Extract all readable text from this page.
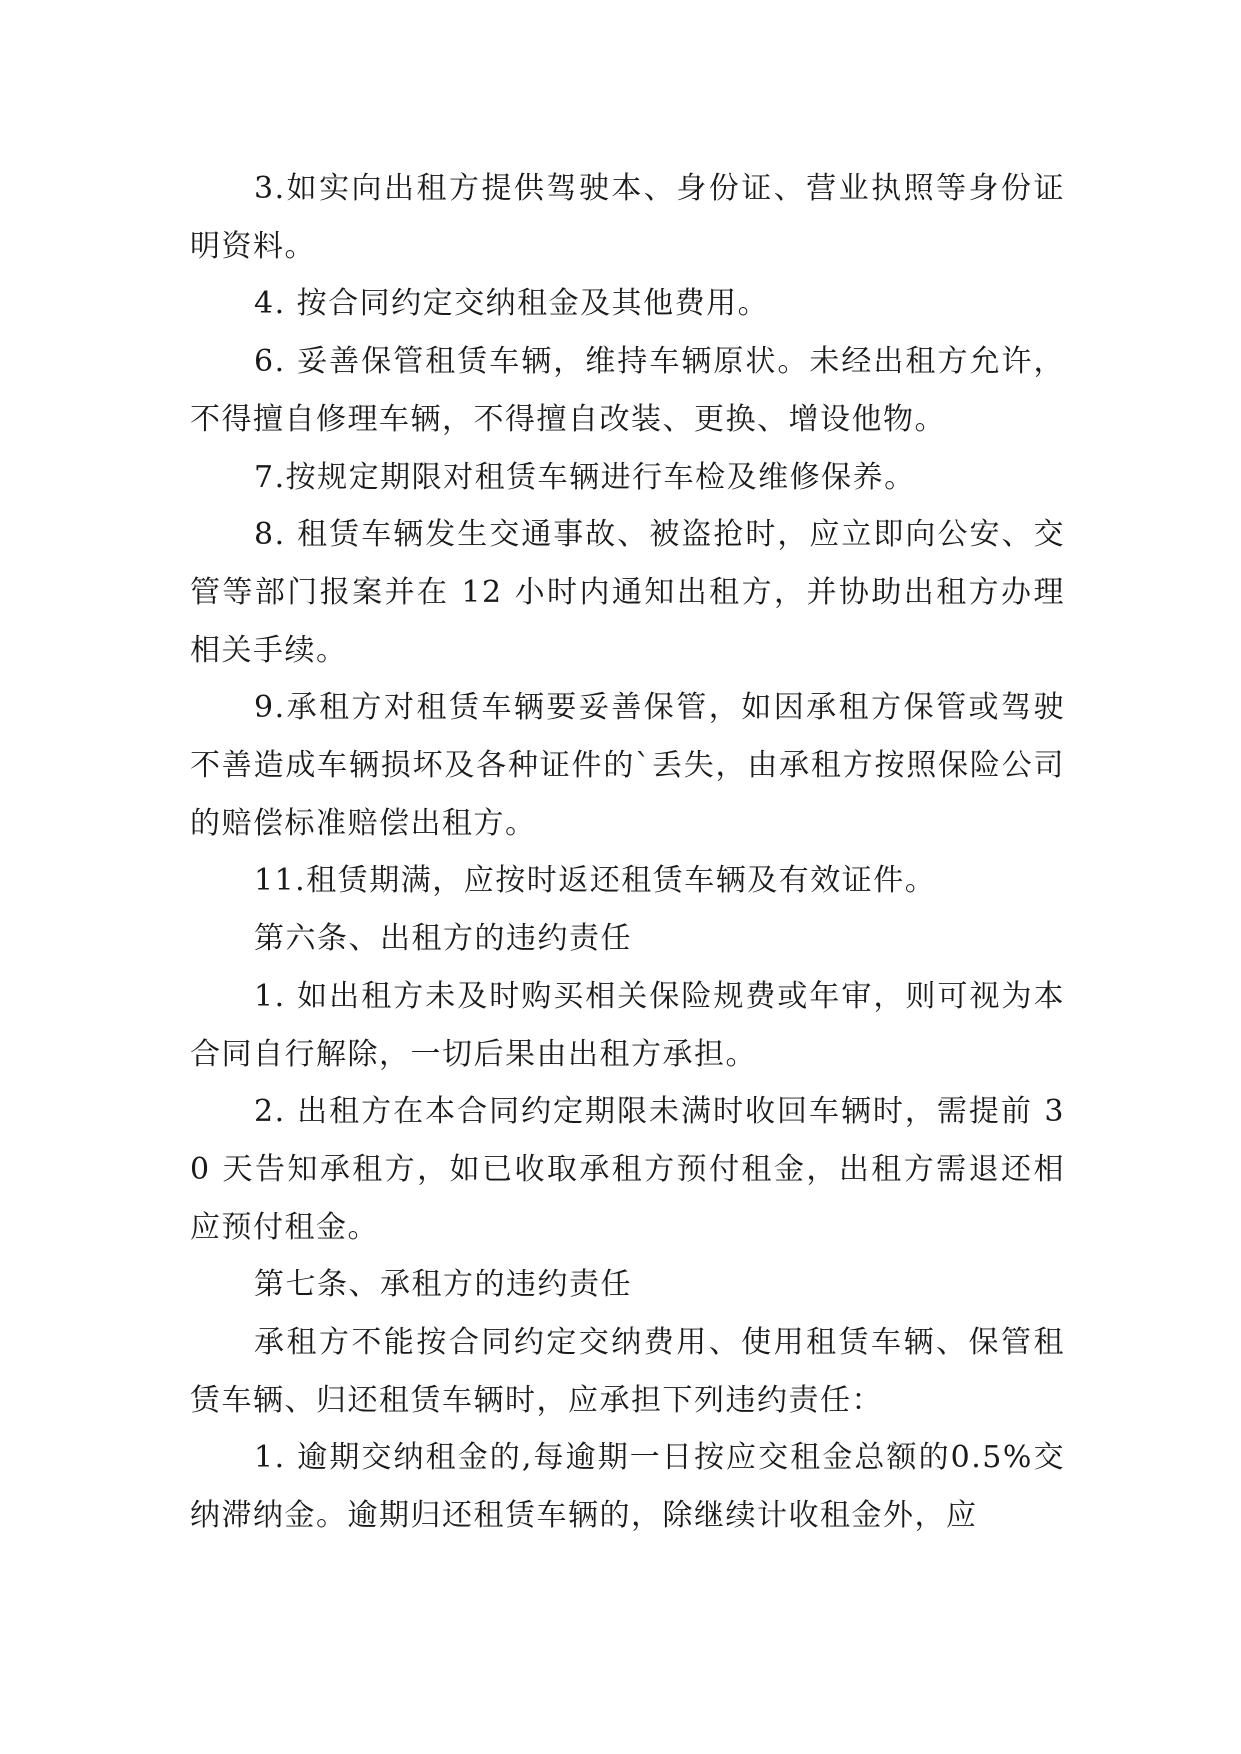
3.如实向出租方提供驾驶本、身份证、营业执照等身份证明资料。

4. 按合同约定交纳租金及其他费用。

6. 妥善保管租赁车辆，维持车辆原状。未经出租方允许，不得擅自修理车辆，不得擅自改装、更换、增设他物。

7.按规定期限对租赁车辆进行车检及维修保养。

8. 租赁车辆发生交通事故、被盗抢时，应立即向公安、交管等部门报案并在 12 小时内通知出租方，并协助出租方办理相关手续。

9.承租方对租赁车辆要妥善保管，如因承租方保管或驾驶不善造成车辆损坏及各种证件的`丢失，由承租方按照保险公司的赔偿标准赔偿出租方。

11.租赁期满，应按时返还租赁车辆及有效证件。

第六条、出租方的违约责任

1. 如出租方未及时购买相关保险规费或年审，则可视为本合同自行解除，一切后果由出租方承担。

2. 出租方在本合同约定期限未满时收回车辆时，需提前 30 天告知承租方，如已收取承租方预付租金，出租方需退还相应预付租金。

第七条、承租方的违约责任

承租方不能按合同约定交纳费用、使用租赁车辆、保管租赁车辆、归还租赁车辆时，应承担下列违约责任：

1. 逾期交纳租金的,每逾期一日按应交租金总额的0.5%交纳滞纳金。逾期归还租赁车辆的，除继续计收租金外，应
